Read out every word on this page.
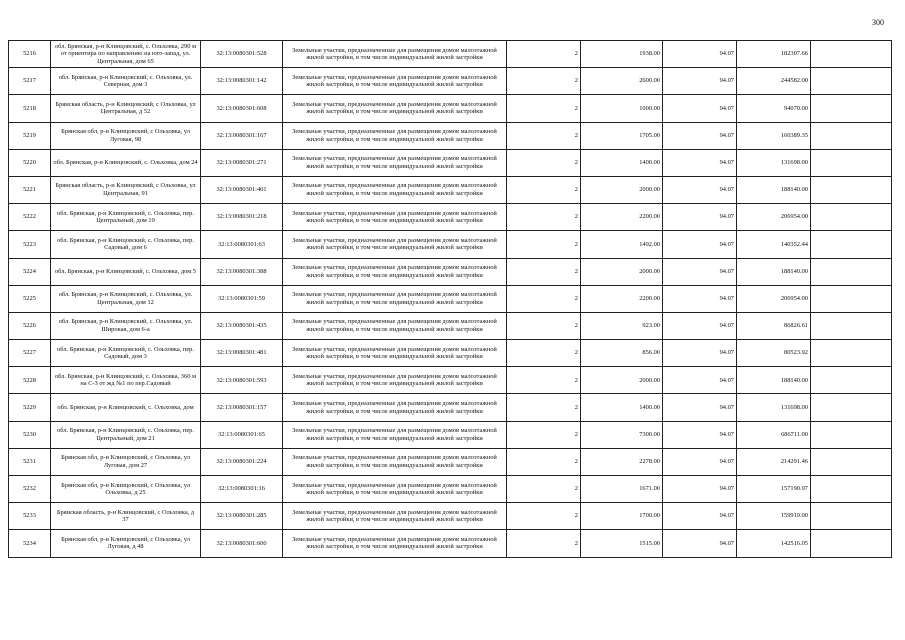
300
5216	обл. Брянская, р-н Клинцовский, с. Ольховка, 290 м от ориентира по направлению на юго-запад, ул. Центральная, дом 65	32:13:0080301:528	Земельные участки, предназначенные для размещения домов малоэтажной жилой застройки, в том числе индивидуальной жилой застройки	2	1938.00	94.07	182307.66	
5217	обл. Брянская, р-н Клинцовский, с. Ольховка, ул. Северная, дом 3	32:13:0080301:142	Земельные участки, предназначенные для размещения домов малоэтажной жилой застройки, в том числе индивидуальной жилой застройки	2	2600.00	94.07	244582.00	
5218	Брянская область, р-н Клинцовский, с Ольховка, ул Центральная, д 52	32:13:0080301:608	Земельные участки, предназначенные для размещения домов малоэтажной жилой застройки, в том числе индивидуальной жилой застройки	2	1000.00	94.07	94070.00	
5219	Брянская обл, р-н Клинцовский, с Ольховка, ул Луговая, 98	32:13:0080301:167	Земельные участки, предназначенные для размещения домов малоэтажной жилой застройки, в том числе индивидуальной жилой застройки	2	1705.00	94.07	160389.35	
5220	обл. Брянская, р-н Клинцовский, с. Ольховка, дом 24	32:13:0080301:271	Земельные участки, предназначенные для размещения домов малоэтажной жилой застройки, в том числе индивидуальной жилой застройки	2	1400.00	94.07	131698.00	
5221	Брянская область, р-н Клинцовский, с Ольховка, ул Центральная, 91	32:13:0080301:461	Земельные участки, предназначенные для размещения домов малоэтажной жилой застройки, в том числе индивидуальной жилой застройки	2	2000.00	94.07	188140.00	
5222	обл. Брянская, р-н Клинцовский, с. Ольховка, пер. Центральный, дом 19	32:13:0080301:218	Земельные участки, предназначенные для размещения домов малоэтажной жилой застройки, в том числе индивидуальной жилой застройки	2	2200.00	94.07	206954.00	
5223	обл. Брянская, р-н Клинцовский, с. Ольховка, пер. Садовый, дом 6	32:13:0080301:63	Земельные участки, предназначенные для размещения домов малоэтажной жилой застройки, в том числе индивидуальной жилой застройки	2	1492.00	94.07	140352.44	
5224	обл. Брянская, р-н Клинцовский, с. Ольховка, дом 5	32:13:0080301:388	Земельные участки, предназначенные для размещения домов малоэтажной жилой застройки, в том числе индивидуальной жилой застройки	2	2000.00	94.07	188140.00	
5225	обл. Брянская, р-н Клинцовский, с. Ольховка, ул. Центральная, дом 12	32:13:0080301:59	Земельные участки, предназначенные для размещения домов малоэтажной жилой застройки, в том числе индивидуальной жилой застройки	2	2200.00	94.07	206954.00	
5226	обл. Брянская, р-н Клинцовский, с. Ольховка, ул. Широкая, дом 6-а	32:13:0080301:435	Земельные участки, предназначенные для размещения домов малоэтажной жилой застройки, в том числе индивидуальной жилой застройки	2	923.00	94.07	86826.61	
5227	обл. Брянская, р-н Клинцовский, с. Ольховка, пер. Садовый, дом 3	32:13:0080301:481	Земельные участки, предназначенные для размещения домов малоэтажной жилой застройки, в том числе индивидуальной жилой застройки	2	856.00	94.07	80523.92	
5228	обл. Брянская, р-н Клинцовский, с. Ольховка, 360 м на С-З от жд №1 по пер.Садовый	32:13:0080301:593	Земельные участки, предназначенные для размещения домов малоэтажной жилой застройки, в том числе индивидуальной жилой застройки	2	2000.00	94.07	188140.00	
5229	обл. Брянская, р-н Клинцовский, с. Ольховка, дом	32:13:0080301:157	Земельные участки, предназначенные для размещения домов малоэтажной жилой застройки, в том числе индивидуальной жилой застройки	2	1400.00	94.07	131698.00	
5230	обл. Брянская, р-н Клинцовский, с. Ольховка, пер. Центральный, дом 21	32:13:0080301:65	Земельные участки, предназначенные для размещения домов малоэтажной жилой застройки, в том числе индивидуальной жилой застройки	2	7300.00	94.07	686711.00	
5231	Брянская обл, р-н Клинцовский, с Ольховка, ул Луговая, дом 27	32:13:0080301:224	Земельные участки, предназначенные для размещения домов малоэтажной жилой застройки, в том числе индивидуальной жилой застройки	2	2278.00	94.07	214291.46	
5232	Брянская обл, р-н Клинцовский, с Ольховка, ул Ольховка, д 25	32:13:0080301:16	Земельные участки, предназначенные для размещения домов малоэтажной жилой застройки, в том числе индивидуальной жилой застройки	2	1671.00	94.07	157190.97	
5233	Брянская область, р-н Клинцовский, с Ольховка, д 37	32:13:0080301:285	Земельные участки, предназначенные для размещения домов малоэтажной жилой застройки, в том числе индивидуальной жилой застройки	2	1700.00	94.07	159919.00	
5234	Брянская обл, р-н Клинцовский, с Ольховка, ул Луговая, д 48	32:13:0080301:600	Земельные участки, предназначенные для размещения домов малоэтажной жилой застройки, в том числе индивидуальной жилой застройки	2	1515.00	94.07	142516.05	
